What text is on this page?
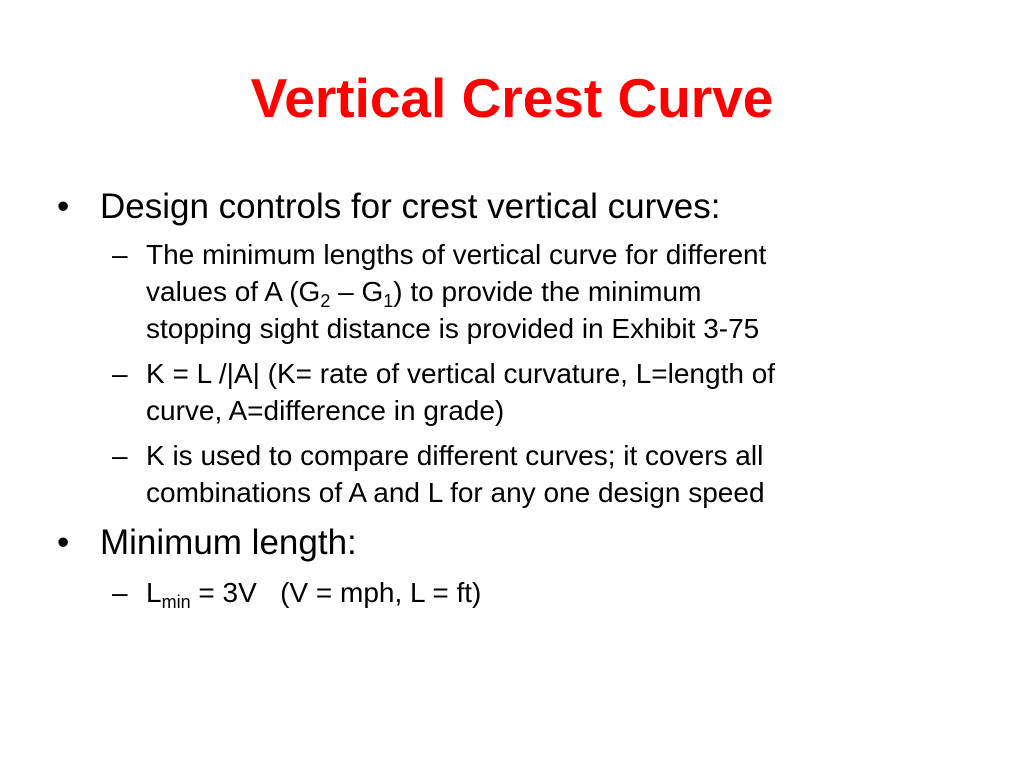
Vertical Crest Curve
• Design controls for crest vertical curves:
– The minimum lengths of vertical curve for different
values of A $(G_2 - G_1)$ to provide the minimum
stopping sight distance is provided in Exhibit 3-75
– K = L /|A| (K= rate of vertical curvature, L=length of
curve, A=difference in grade)
– K is used to compare different curves; it covers all
combinations of A and L for any one design speed
• Minimum length:
– $L_{min} = 3V$   (V = mph, L = ft)
